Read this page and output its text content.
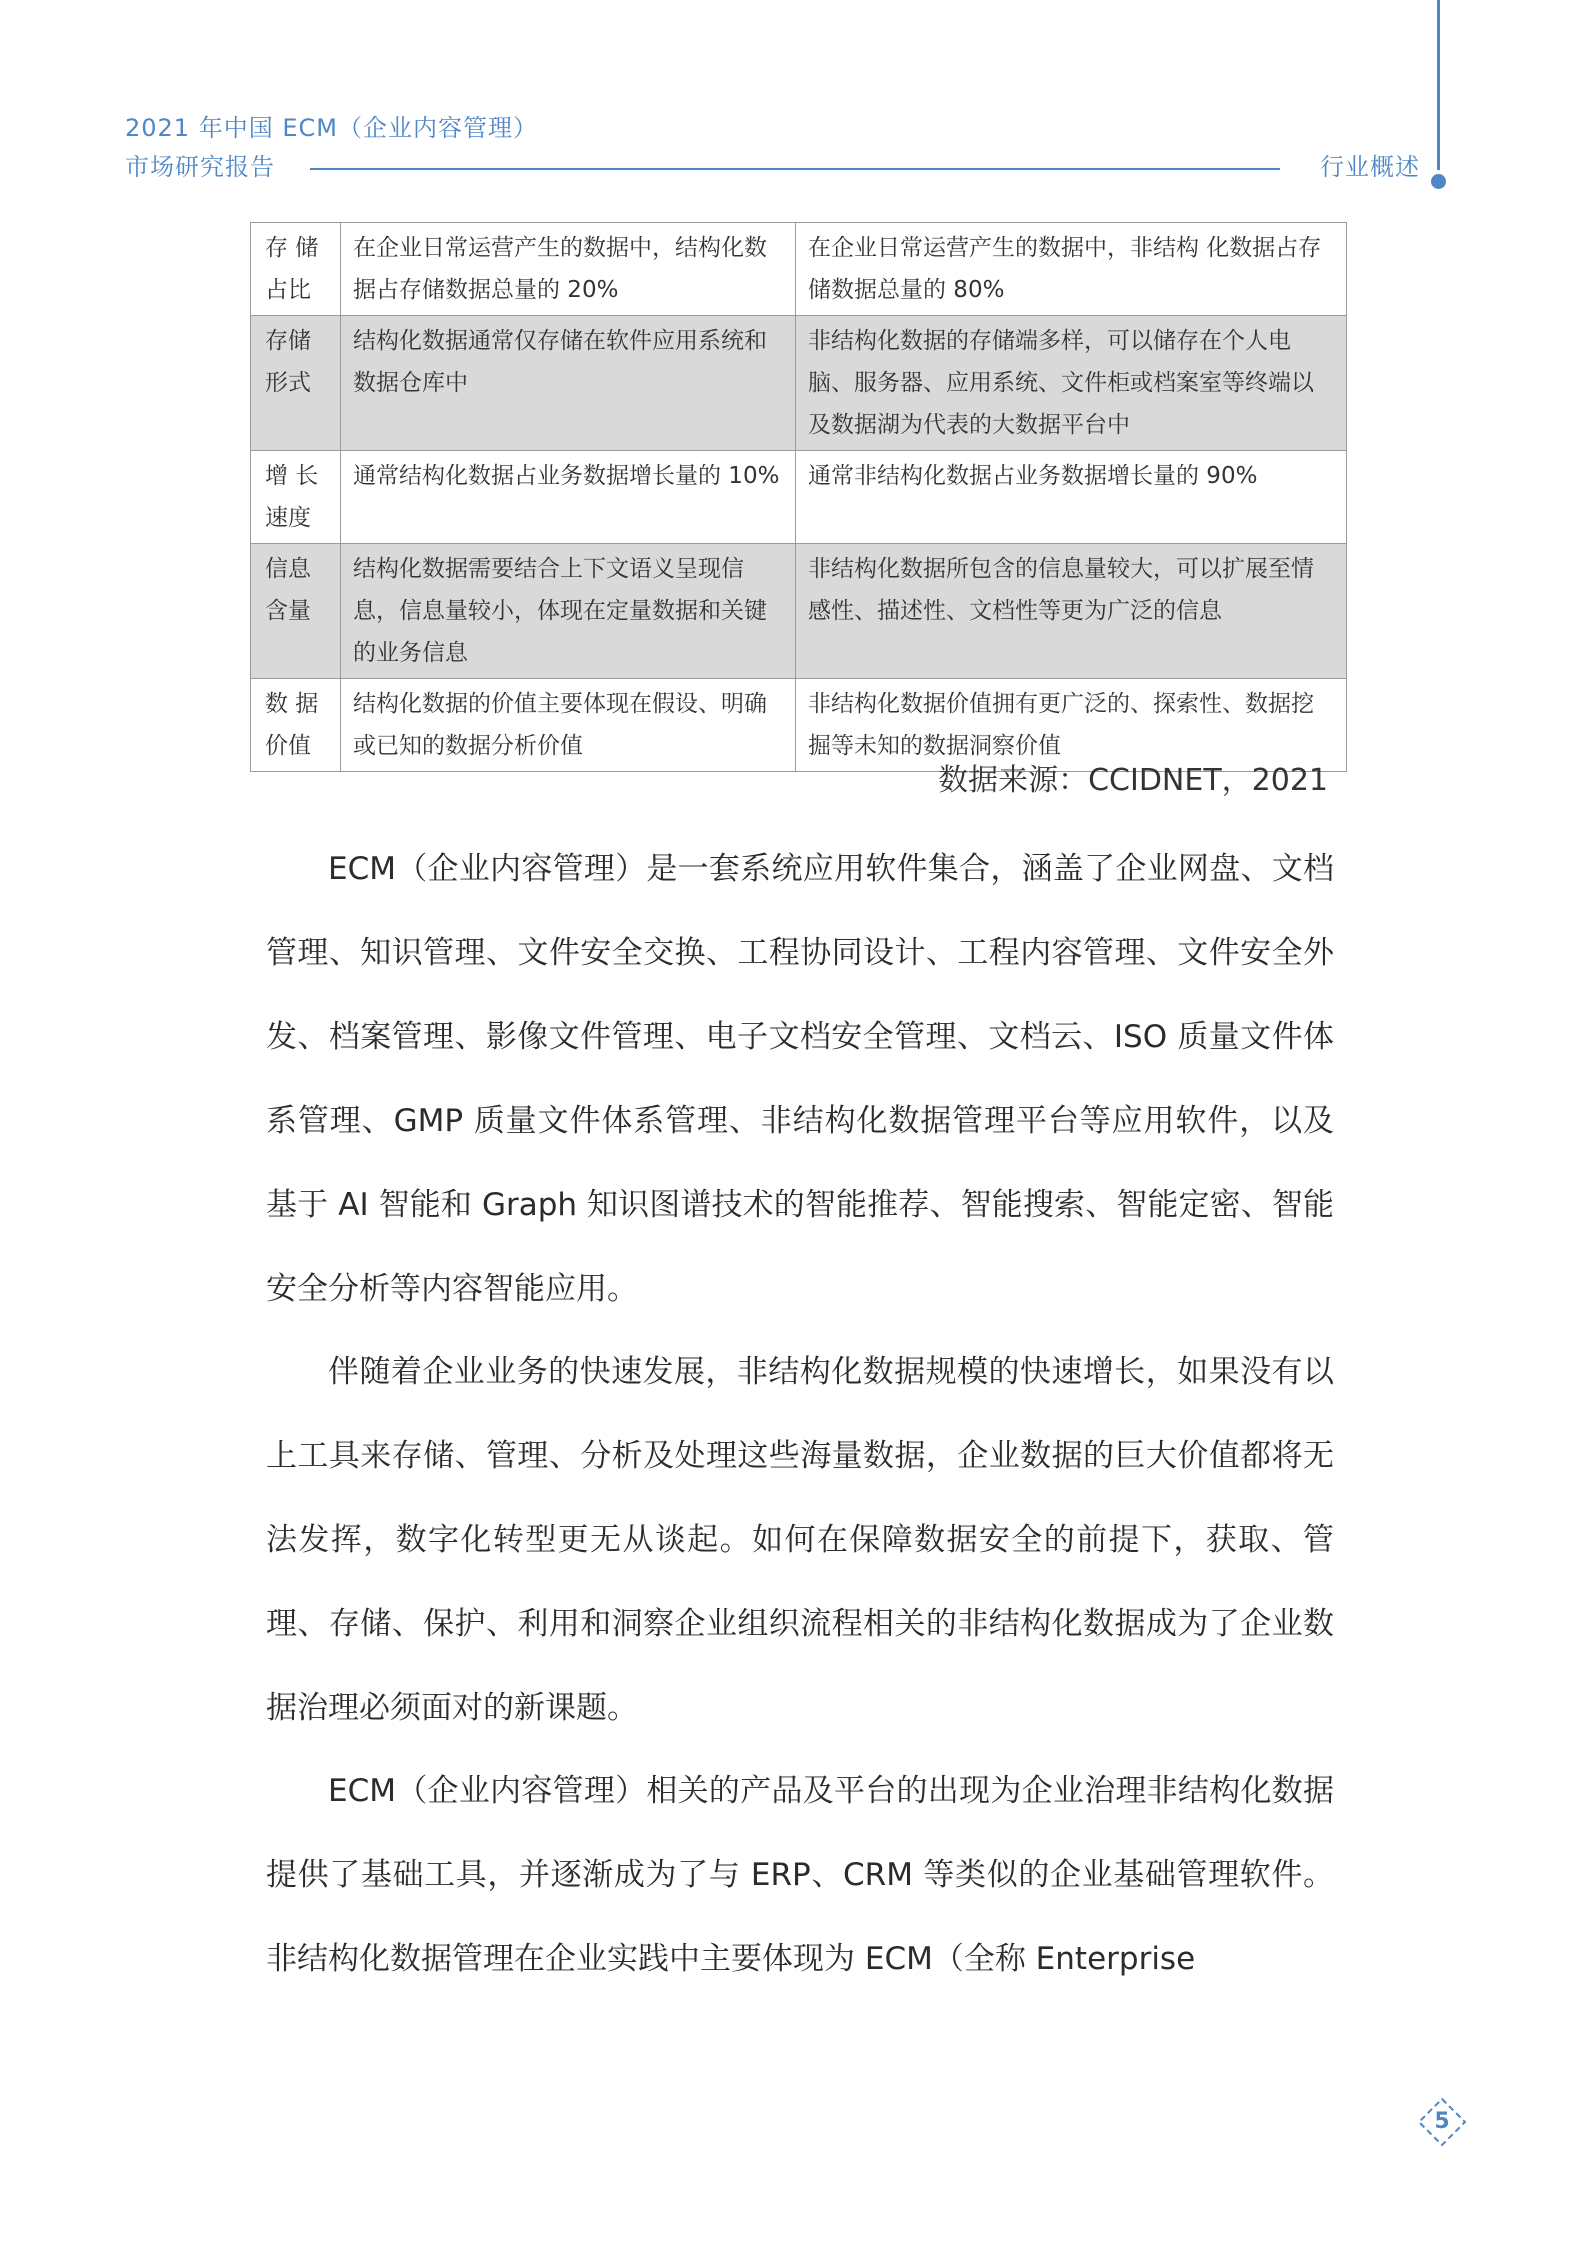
2021 年中国 ECM（企业内容管理）
市场研究报告	行业概述
存 储 占比	在企业日常运营产生的数据中，结构化数据占存储数据总量的 20%	在企业日常运营产生的数据中，非结构 化数据占存储数据总量的 80%
存储 形式	结构化数据通常仅存储在软件应用系统和数据仓库中	非结构化数据的存储端多样，可以储存在个人电脑、服务器、应用系统、文件柜或档案室等终端以及数据湖为代表的大数据平台中
增 长 速度	通常结构化数据占业务数据增长量的 10%	通常非结构化数据占业务数据增长量的 90%
信息 含量	结构化数据需要结合上下文语义呈现信息，信息量较小，体现在定量数据和关键的业务信息	非结构化数据所包含的信息量较大，可以扩展至情感性、描述性、文档性等更为广泛的信息
数 据 价值	结构化数据的价值主要体现在假设、明确或已知的数据分析价值	非结构化数据价值拥有更广泛的、探索性、数据挖掘等未知的数据洞察价值
数据来源：CCIDNET，2021

ECM（企业内容管理）是一套系统应用软件集合，涵盖了企业网盘、文档管理、知识管理、文件安全交换、工程协同设计、工程内容管理、文件安全外发、档案管理、影像文件管理、电子文档安全管理、文档云、ISO 质量文件体系管理、GMP 质量文件体系管理、非结构化数据管理平台等应用软件，以及基于 AI 智能和 Graph 知识图谱技术的智能推荐、智能搜索、智能定密、智能安全分析等内容智能应用。

伴随着企业业务的快速发展，非结构化数据规模的快速增长，如果没有以上工具来存储、管理、分析及处理这些海量数据，企业数据的巨大价值都将无法发挥，数字化转型更无从谈起。如何在保障数据安全的前提下，获取、管理、存储、保护、利用和洞察企业组织流程相关的非结构化数据成为了企业数据治理必须面对的新课题。

ECM（企业内容管理）相关的产品及平台的出现为企业治理非结构化数据提供了基础工具，并逐渐成为了与 ERP、CRM 等类似的企业基础管理软件。非结构化数据管理在企业实践中主要体现为 ECM（全称 Enterprise

5
